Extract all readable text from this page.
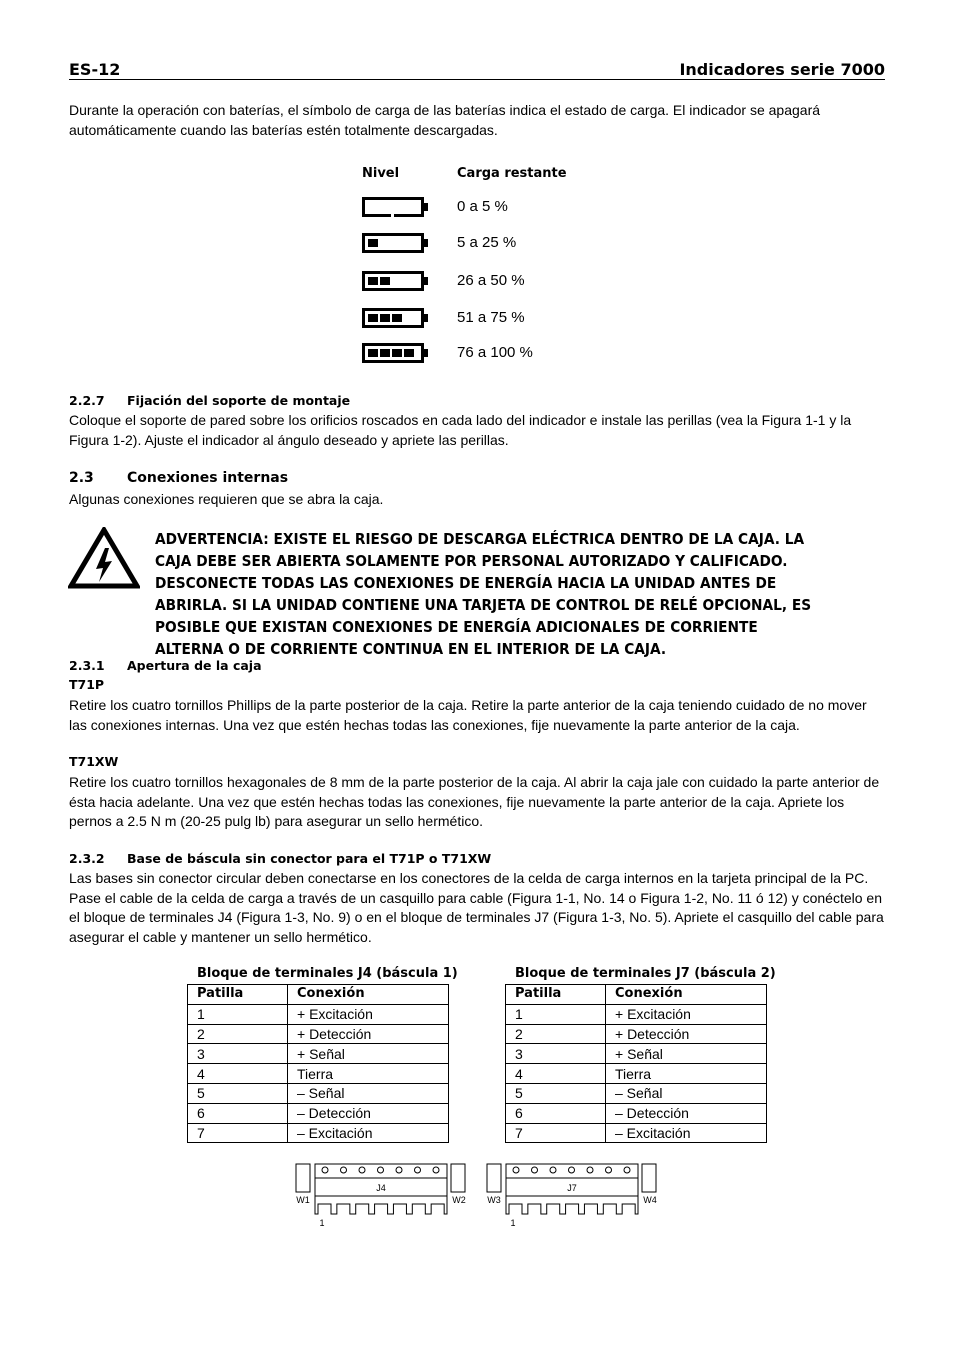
ES-12	Indicadores serie 7000
Durante la operación con baterías, el símbolo de carga de las baterías indica el estado de carga. El indicador se apagará automáticamente cuando las baterías estén totalmente descargadas.
Nivel	Carga restante
0 a 5 %
5 a 25 %
26 a 50 %
51 a 75 %
76 a 100 %
2.2.7 Fijación del soporte de montaje
Coloque el soporte de pared sobre los orificios roscados en cada lado del indicador e instale las perillas (vea la Figura 1-1 y la Figura 1-2). Ajuste el indicador al ángulo deseado y apriete las perillas.
2.3 Conexiones internas
Algunas conexiones requieren que se abra la caja.
ADVERTENCIA: EXISTE EL RIESGO DE DESCARGA ELÉCTRICA DENTRO DE LA CAJA. LA CAJA DEBE SER ABIERTA SOLAMENTE POR PERSONAL AUTORIZADO Y CALIFICADO. DESCONECTE TODAS LAS CONEXIONES DE ENERGÍA HACIA LA UNIDAD ANTES DE ABRIRLA. SI LA UNIDAD CONTIENE UNA TARJETA DE CONTROL DE RELÉ OPCIONAL, ES POSIBLE QUE EXISTAN CONEXIONES DE ENERGÍA ADICIONALES DE CORRIENTE ALTERNA O DE CORRIENTE CONTINUA EN EL INTERIOR DE LA CAJA.
2.3.1 Apertura de la caja
T71P
Retire los cuatro tornillos Phillips de la parte posterior de la caja. Retire la parte anterior de la caja teniendo cuidado de no mover las conexiones internas. Una vez que estén hechas todas las conexiones, fije nuevamente la parte anterior de la caja.
T71XW
Retire los cuatro tornillos hexagonales de 8 mm de la parte posterior de la caja. Al abrir la caja jale con cuidado la parte anterior de ésta hacia adelante. Una vez que estén hechas todas las conexiones, fije nuevamente la parte anterior de la caja. Apriete los pernos a 2.5 N m (20-25 pulg lb) para asegurar un sello hermético.
2.3.2 Base de báscula sin conector para el T71P o T71XW
Las bases sin conector circular deben conectarse en los conectores de la celda de carga internos en la tarjeta principal de la PC. Pase el cable de la celda de carga a través de un casquillo para cable (Figura 1-1, No. 14 o Figura 1-2, No. 11 ó 12) y conéctelo en el bloque de terminales J4 (Figura 1-3, No. 9) o en el bloque de terminales J7 (Figura 1-3, No. 5). Apriete el casquillo del cable para asegurar el cable y mantener un sello hermético.
Bloque de terminales J4 (báscula 1)
Patilla	Conexión
1	+ Excitación
2	+ Detección
3	+ Señal
4	Tierra
5	– Señal
6	– Detección
7	– Excitación
Bloque de terminales J7 (báscula 2)
Patilla	Conexión
1	+ Excitación
2	+ Detección
3	+ Señal
4	Tierra
5	– Señal
6	– Detección
7	– Excitación
J4
W1	W2
1
J7
W3	W4
1
